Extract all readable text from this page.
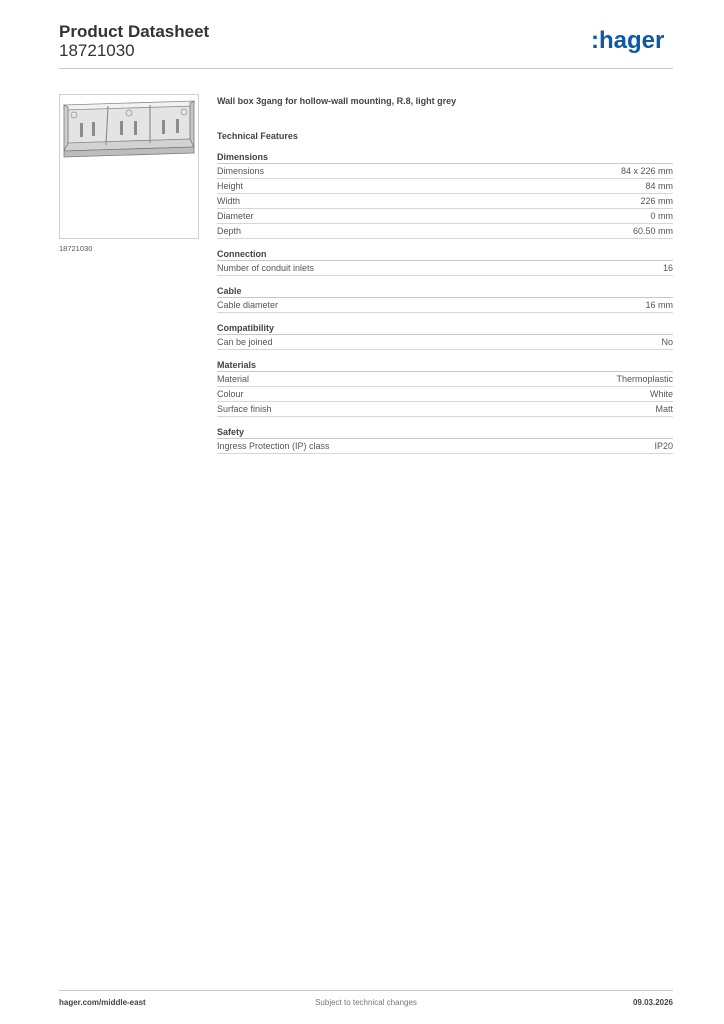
Product Datasheet
18721030	:hager
18721030
Wall box 3gang for hollow-wall mounting, R.8, light grey
Technical Features
Dimensions
Dimensions	84 x 226 mm
Height	84 mm
Width	226 mm
Diameter	0 mm
Depth	60.50 mm
Connection
Number of conduit inlets	16
Cable
Cable diameter	16 mm
Compatibility
Can be joined	No
Materials
Material	Thermoplastic
Colour	White
Surface finish	Matt
Safety
Ingress Protection (IP) class	IP20
Subject to technical changes
hager.com/middle-east	09.03.2026
